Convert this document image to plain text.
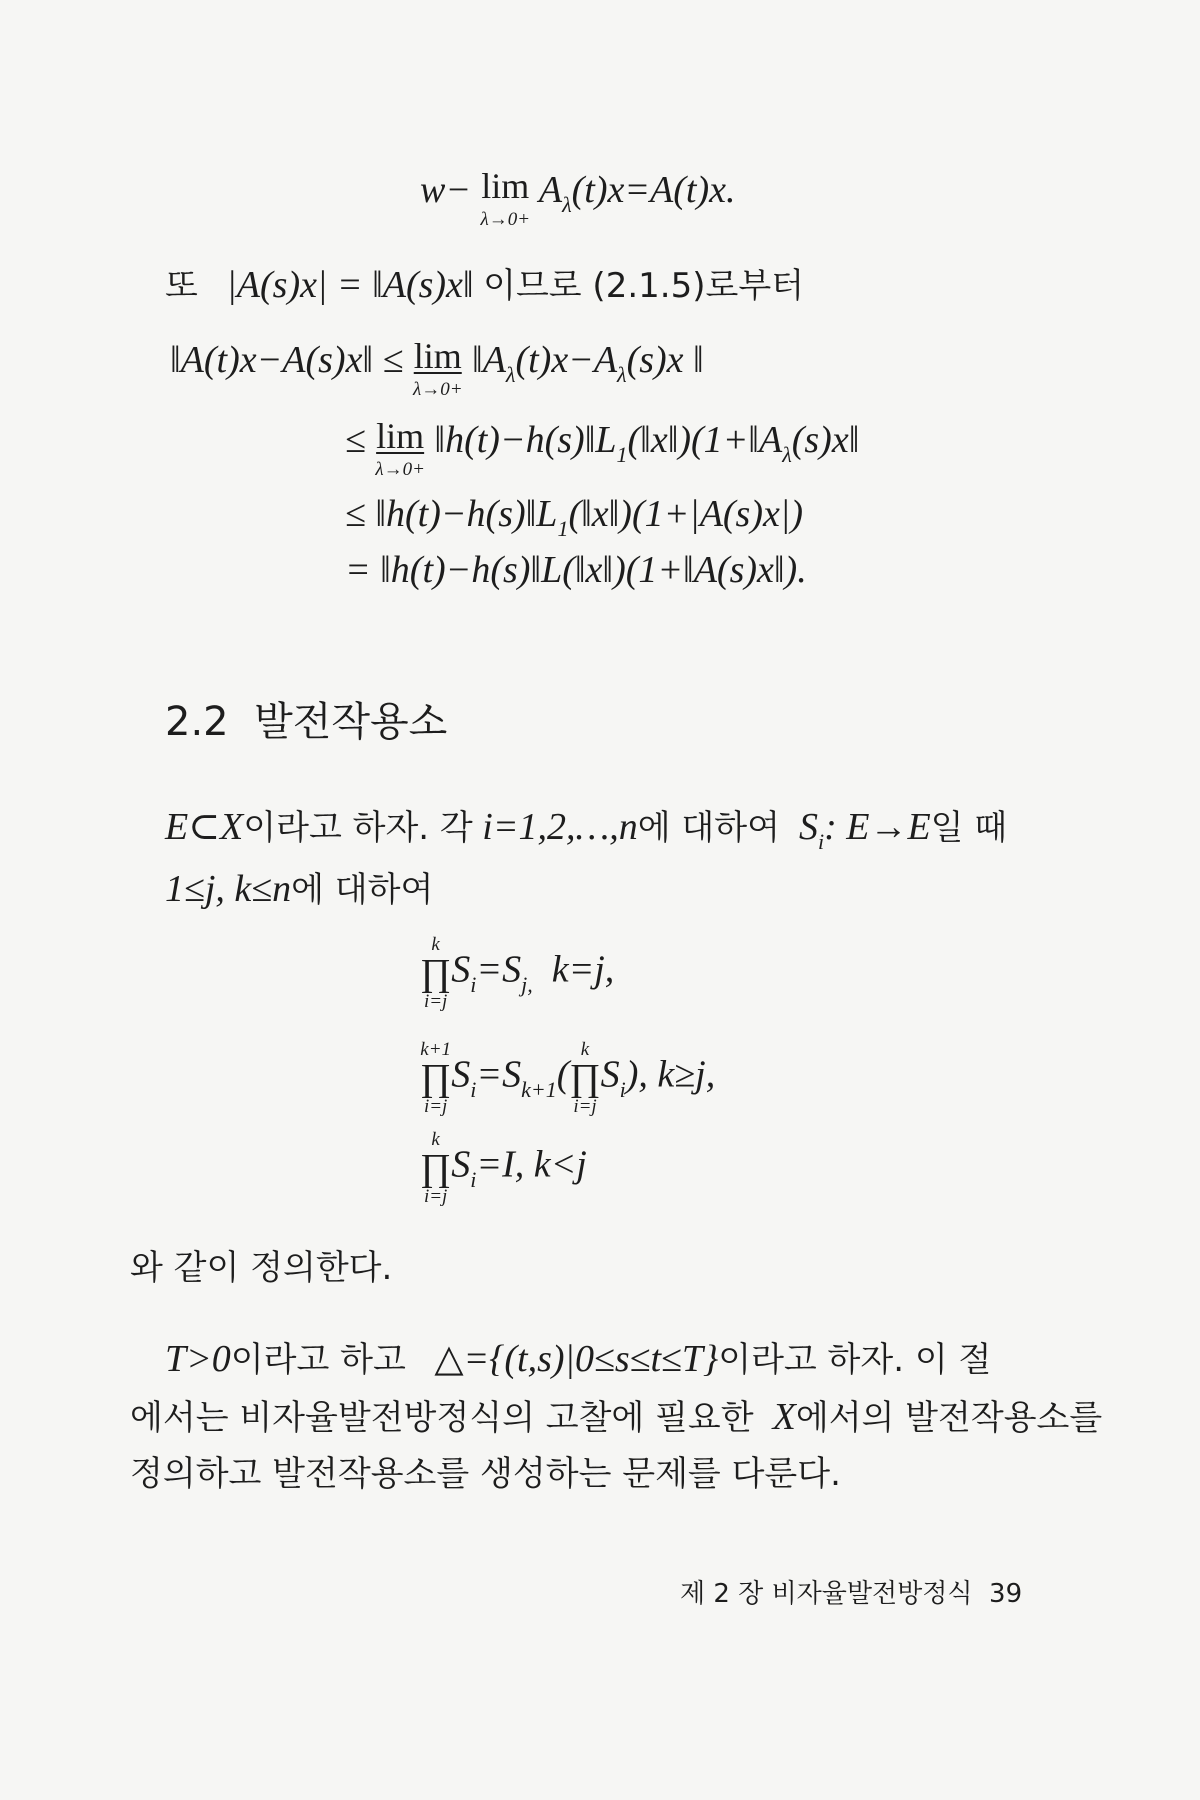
w− lim
λ→0+
$A_\lambda(t)x=A(t)x$.
또 |A(s)x| = ‖A(s)x‖ 이므로 (2.1.5)로부터
‖A(t)x−A(s)x‖ ≤ lim
λ→0+
$‖A_\lambda(t)x-A_\lambda(s)x$ ‖
≤ lim
λ→0+
$‖h(t)-h(s)‖L_1(‖x‖)(1+‖A_\lambda(s)x‖$
≤ $‖h(t)-h(s)‖L_1(‖x‖)(1+|A(s)x|)$
= ‖h(t)−h(s)‖L(‖x‖)(1+‖A(s)x‖).
2.2 발전작용소
E⊂X이라고 하자. 각 i=1,2,…,n에 대하여 $S_i$: E→E일 때
1≤j, k≤n에 대하여
k
∏
i=j
$S_i=S_{j,}$ k=j,
k+1
∏
i=j
$S_i=S_{k+1}$(
k
∏
i=j
$S_i$), k≥j,
k
∏
i=j
$S_i=I$, k<j
와 같이 정의한다.
T>0이라고 하고 △={(t,s)|0≤s≤t≤T}이라고 하자. 이 절
에서는 비자율발전방정식의 고찰에 필요한 X에서의 발전작용소를
정의하고 발전작용소를 생성하는 문제를 다룬다.
제 2 장 비자율발전방정식 39
